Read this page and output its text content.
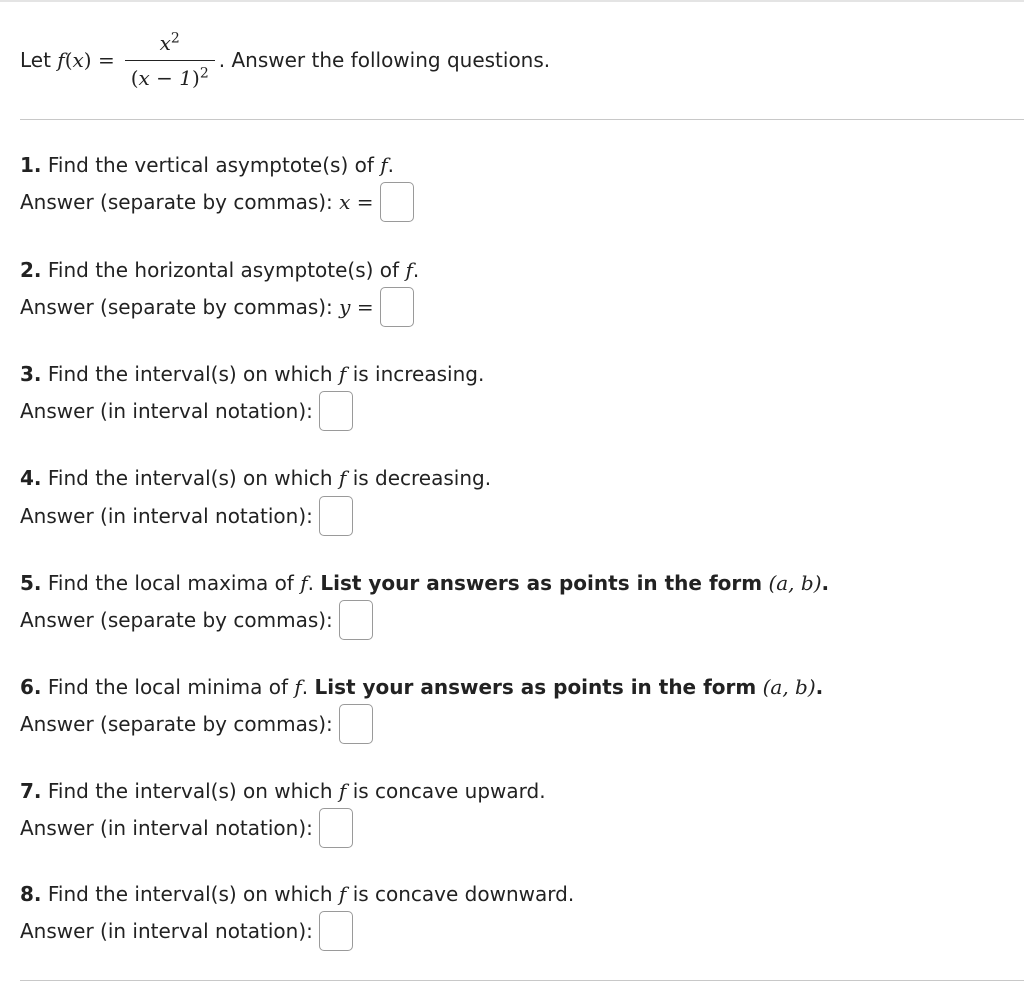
Let
f ( x )
= $\frac{x^2}{(x - 1)^2}$ . Answer the following questions.
1. Find the vertical asymptote(s) of f.
Answer (separate by commas):
x
=
2. Find the horizontal asymptote(s) of f.
Answer (separate by commas):
y
=
3. Find the interval(s) on which f is increasing.
Answer (in interval notation):
4. Find the interval(s) on which f is decreasing.
Answer (in interval notation):
5. Find the local maxima of f. List your answers as points in the form (a, b).
Answer (separate by commas):
6. Find the local minima of f. List your answers as points in the form (a, b).
Answer (separate by commas):
7. Find the interval(s) on which f is concave upward.
Answer (in interval notation):
8. Find the interval(s) on which f is concave downward.
Answer (in interval notation):
